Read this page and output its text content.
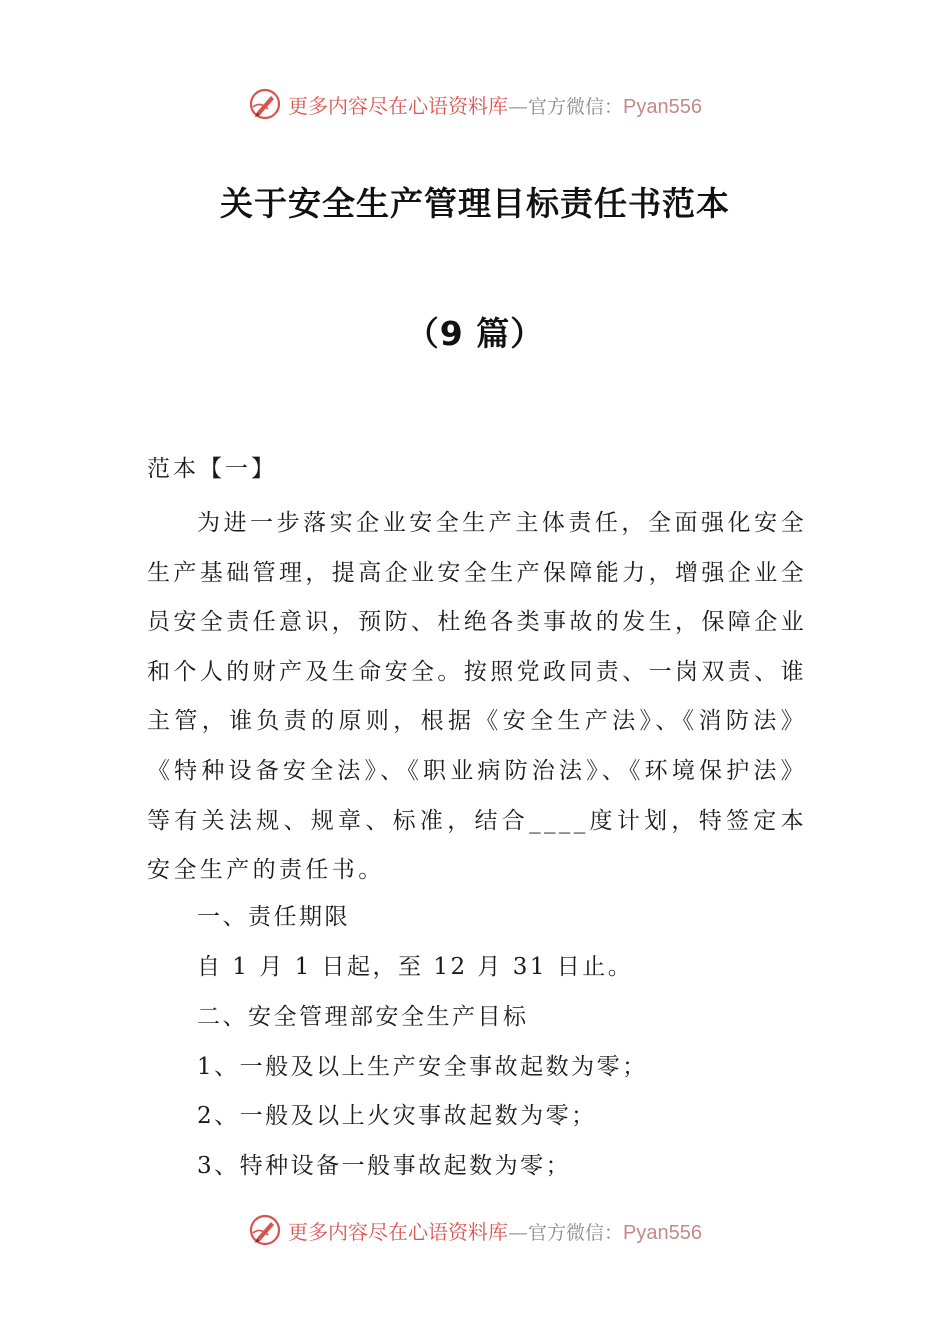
更多内容尽在心语资料库—官方微信：Pyan556
关于安全生产管理目标责任书范本
（9 篇）
范本【一】
为进一步落实企业安全生产主体责任，全面强化安全生产基础管理，提高企业安全生产保障能力，增强企业全员安全责任意识，预防、杜绝各类事故的发生，保障企业和个人的财产及生命安全。按照党政同责、一岗双责、谁主管，谁负责的原则，根据《安全生产法》、《消防法》《特种设备安全法》、《职业病防治法》、《环境保护法》等有关法规、规章、标准，结合____度计划，特签定本安全生产的责任书。
一、责任期限
自 1 月 1 日起，至 12 月 31 日止。
二、安全管理部安全生产目标
1、一般及以上生产安全事故起数为零；
2、一般及以上火灾事故起数为零；
3、特种设备一般事故起数为零；
更多内容尽在心语资料库—官方微信：Pyan556
